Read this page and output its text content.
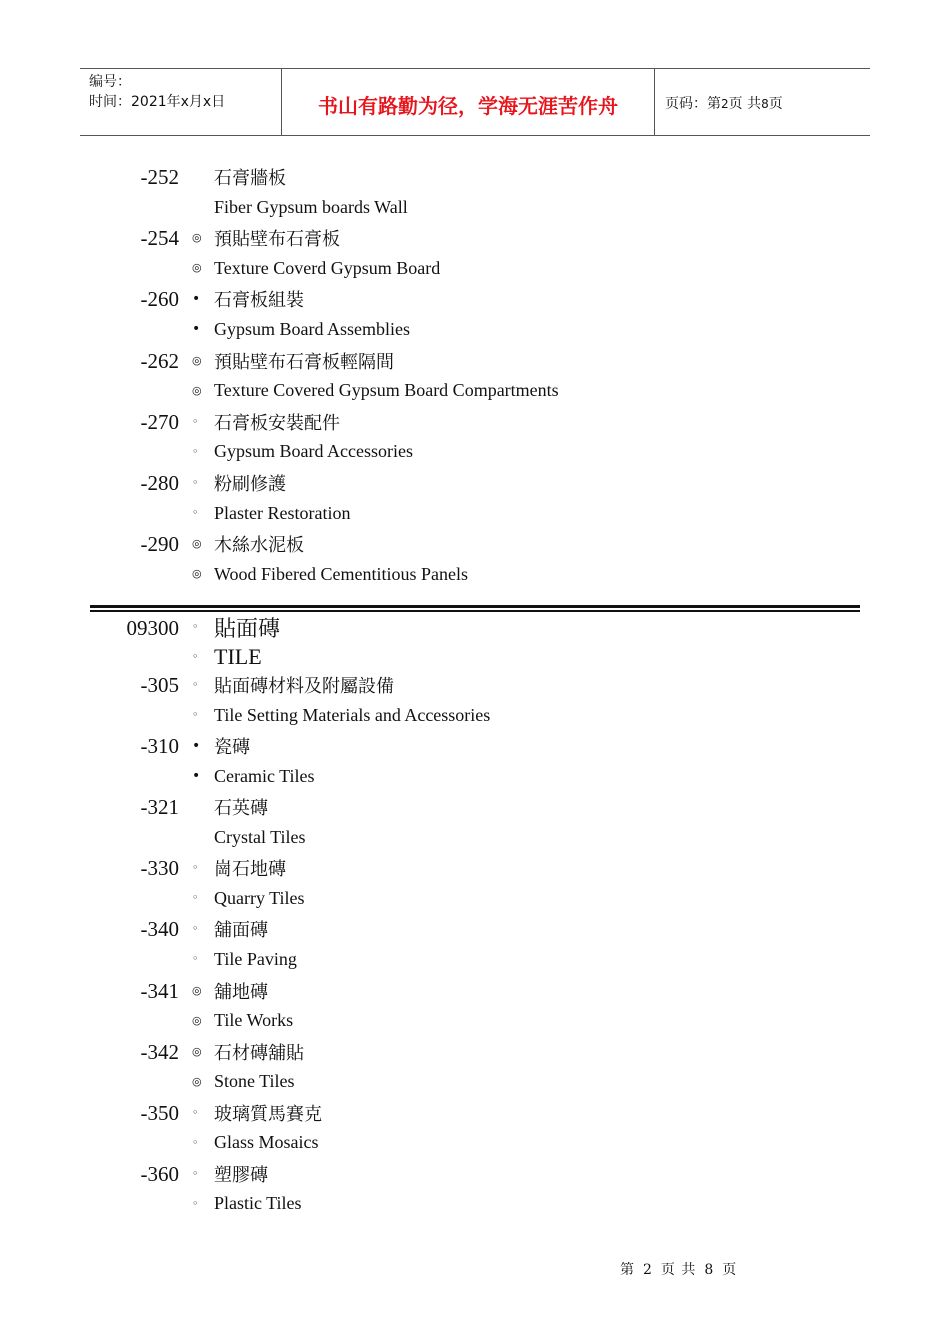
编号：
时间：2021年x月x日	书山有路勤为径，学海无涯苦作舟	页码：第2页 共8页
-252 石膏牆板
Fiber Gypsum boards Wall
-254 ◎ 預貼壁布石膏板
◎ Texture Coverd Gypsum Board
-260 • 石膏板組裝
• Gypsum Board Assemblies
-262 ◎ 預貼壁布石膏板輕隔間
◎ Texture Covered Gypsum Board Compartments
-270 ◦ 石膏板安裝配件
◦ Gypsum Board Accessories
-280 ◦ 粉刷修護
◦ Plaster Restoration
-290 ◎ 木絲水泥板
◎ Wood Fibered Cementitious Panels
09300 ◦ 貼面磚
◦ TILE
-305 ◦ 貼面磚材料及附屬設備
◦ Tile Setting Materials and Accessories
-310 • 瓷磚
• Ceramic Tiles
-321 石英磚
Crystal Tiles
-330 ◦ 崗石地磚
◦ Quarry Tiles
-340 ◦ 舖面磚
◦ Tile Paving
-341 ◎ 舖地磚
◎ Tile Works
-342 ◎ 石材磚舖貼
◎ Stone Tiles
-350 ◦ 玻璃質馬賽克
◦ Glass Mosaics
-360 ◦ 塑膠磚
◦ Plastic Tiles
第 2 页 共 8 页
